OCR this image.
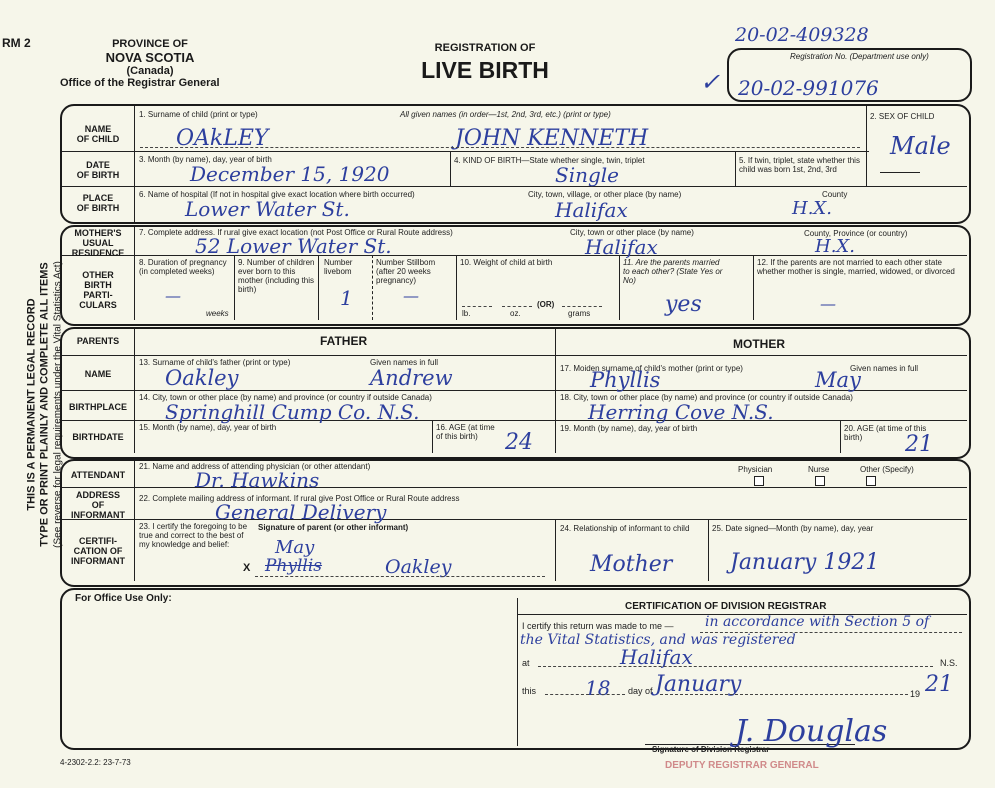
RM 2	PROVINCE OF
NOVA SCOTIA
(Canada)
Office of the Registrar General
REGISTRATION OF
LIVE BIRTH
20-02-409328
Registration No. (Department use only)
✓ 20-02-991076
THIS IS A PERMANENT LEGAL RECORD TYPE OR PRINT PLAINLY AND COMPLETE ALL ITEMS (See reverse for legal requirements under the Vital Statistics Act)
NAME
OF CHILD
DATE
OF BIRTH
PLACE
OF BIRTH
1. Surname of child (print or type)	All given names (in order—1st, 2nd, 3rd, etc.) (print or type)	2. SEX OF CHILD
OAkLEY	JOHN KENNETH	Male
3. Month (by name), day, year of birth
December 15, 1920
4. KIND OF BIRTH—State whether single, twin, triplet
Single
5. If twin, triplet, state whether this child was born 1st, 2nd, 3rd
6. Name of hospital (If not in hospital give exact location where birth occurred)	City, town, village, or other place (by name)	County
Lower Water St.	Halifax	H.X.
MOTHER'S
USUAL
RESIDENCE
OTHER
BIRTH
PARTI-
CULARS
7. Complete address. If rural give exact location (not Post Office or Rural Route address)	City, town or other place (by name)	County, Province (or country)
52 Lower Water St.	Halifax	H.X.
8. Duration of pregnancy (in completed weeks)
—
weeks
9. Number of children ever born to this mother (including this birth)
Number livebom
1
Number Stillbom (after 20 weeks pregnancy)
—
10. Weight of child at birth
lb.	oz.
(OR)
grams
11. Are the parents married to each other? (State Yes or No)
yes
12. If the parents are not married to each other state whether mother is single, married, widowed, or divorced
—
PARENTS
NAME
BIRTHPLACE
BIRTHDATE
FATHER	MOTHER
13. Surname of child's father (print or type)	Given names in full
Oakley	Andrew
14. City, town or other place (by name) and province (or country if outside Canada)
Springhill Cump Co. N.S.
15. Month (by name), day, year of birth	16. AGE (at time of this birth)	24
17. Moiden surname of child's mother (print or type)	Given names in full
Phyllis	May
18. City, town or other place (by name) and province (or country if outside Canada)
Herring Cove N.S.
19. Month (by name), day, year of birth	20. AGE (at time of this birth)	21
ATTENDANT
ADDRESS
OF
INFORMANT
CERTIFI-
CATION OF
INFORMANT
21. Name and address of attending physician (or other attendant)
Dr. Hawkins	Physician	Nurse	Other (Specify)
22. Complete mailing address of informant. If rural give Post Office or Rural Route address
General Delivery
23. I certify the foregoing to be true and correct to the best of my knowledge and belief:
Signature of parent (or other informant)
X
May
Phyllis	Oakley
24. Relationship of informant to child
Mother
25. Date signed—Month (by name), day, year
January 1921
For Office Use Only:
CERTIFICATION OF DIVISION REGISTRAR
I certify this return was made to me — in accordance with Section 5 of
the Vital Statistics, and was registered
at	Halifax	N.S.
this 18 day of January	19 21
Signature of Division Registrar
J. Douglas
DEPUTY REGISTRAR GENERAL
4-2302-2.2: 23-7-73
